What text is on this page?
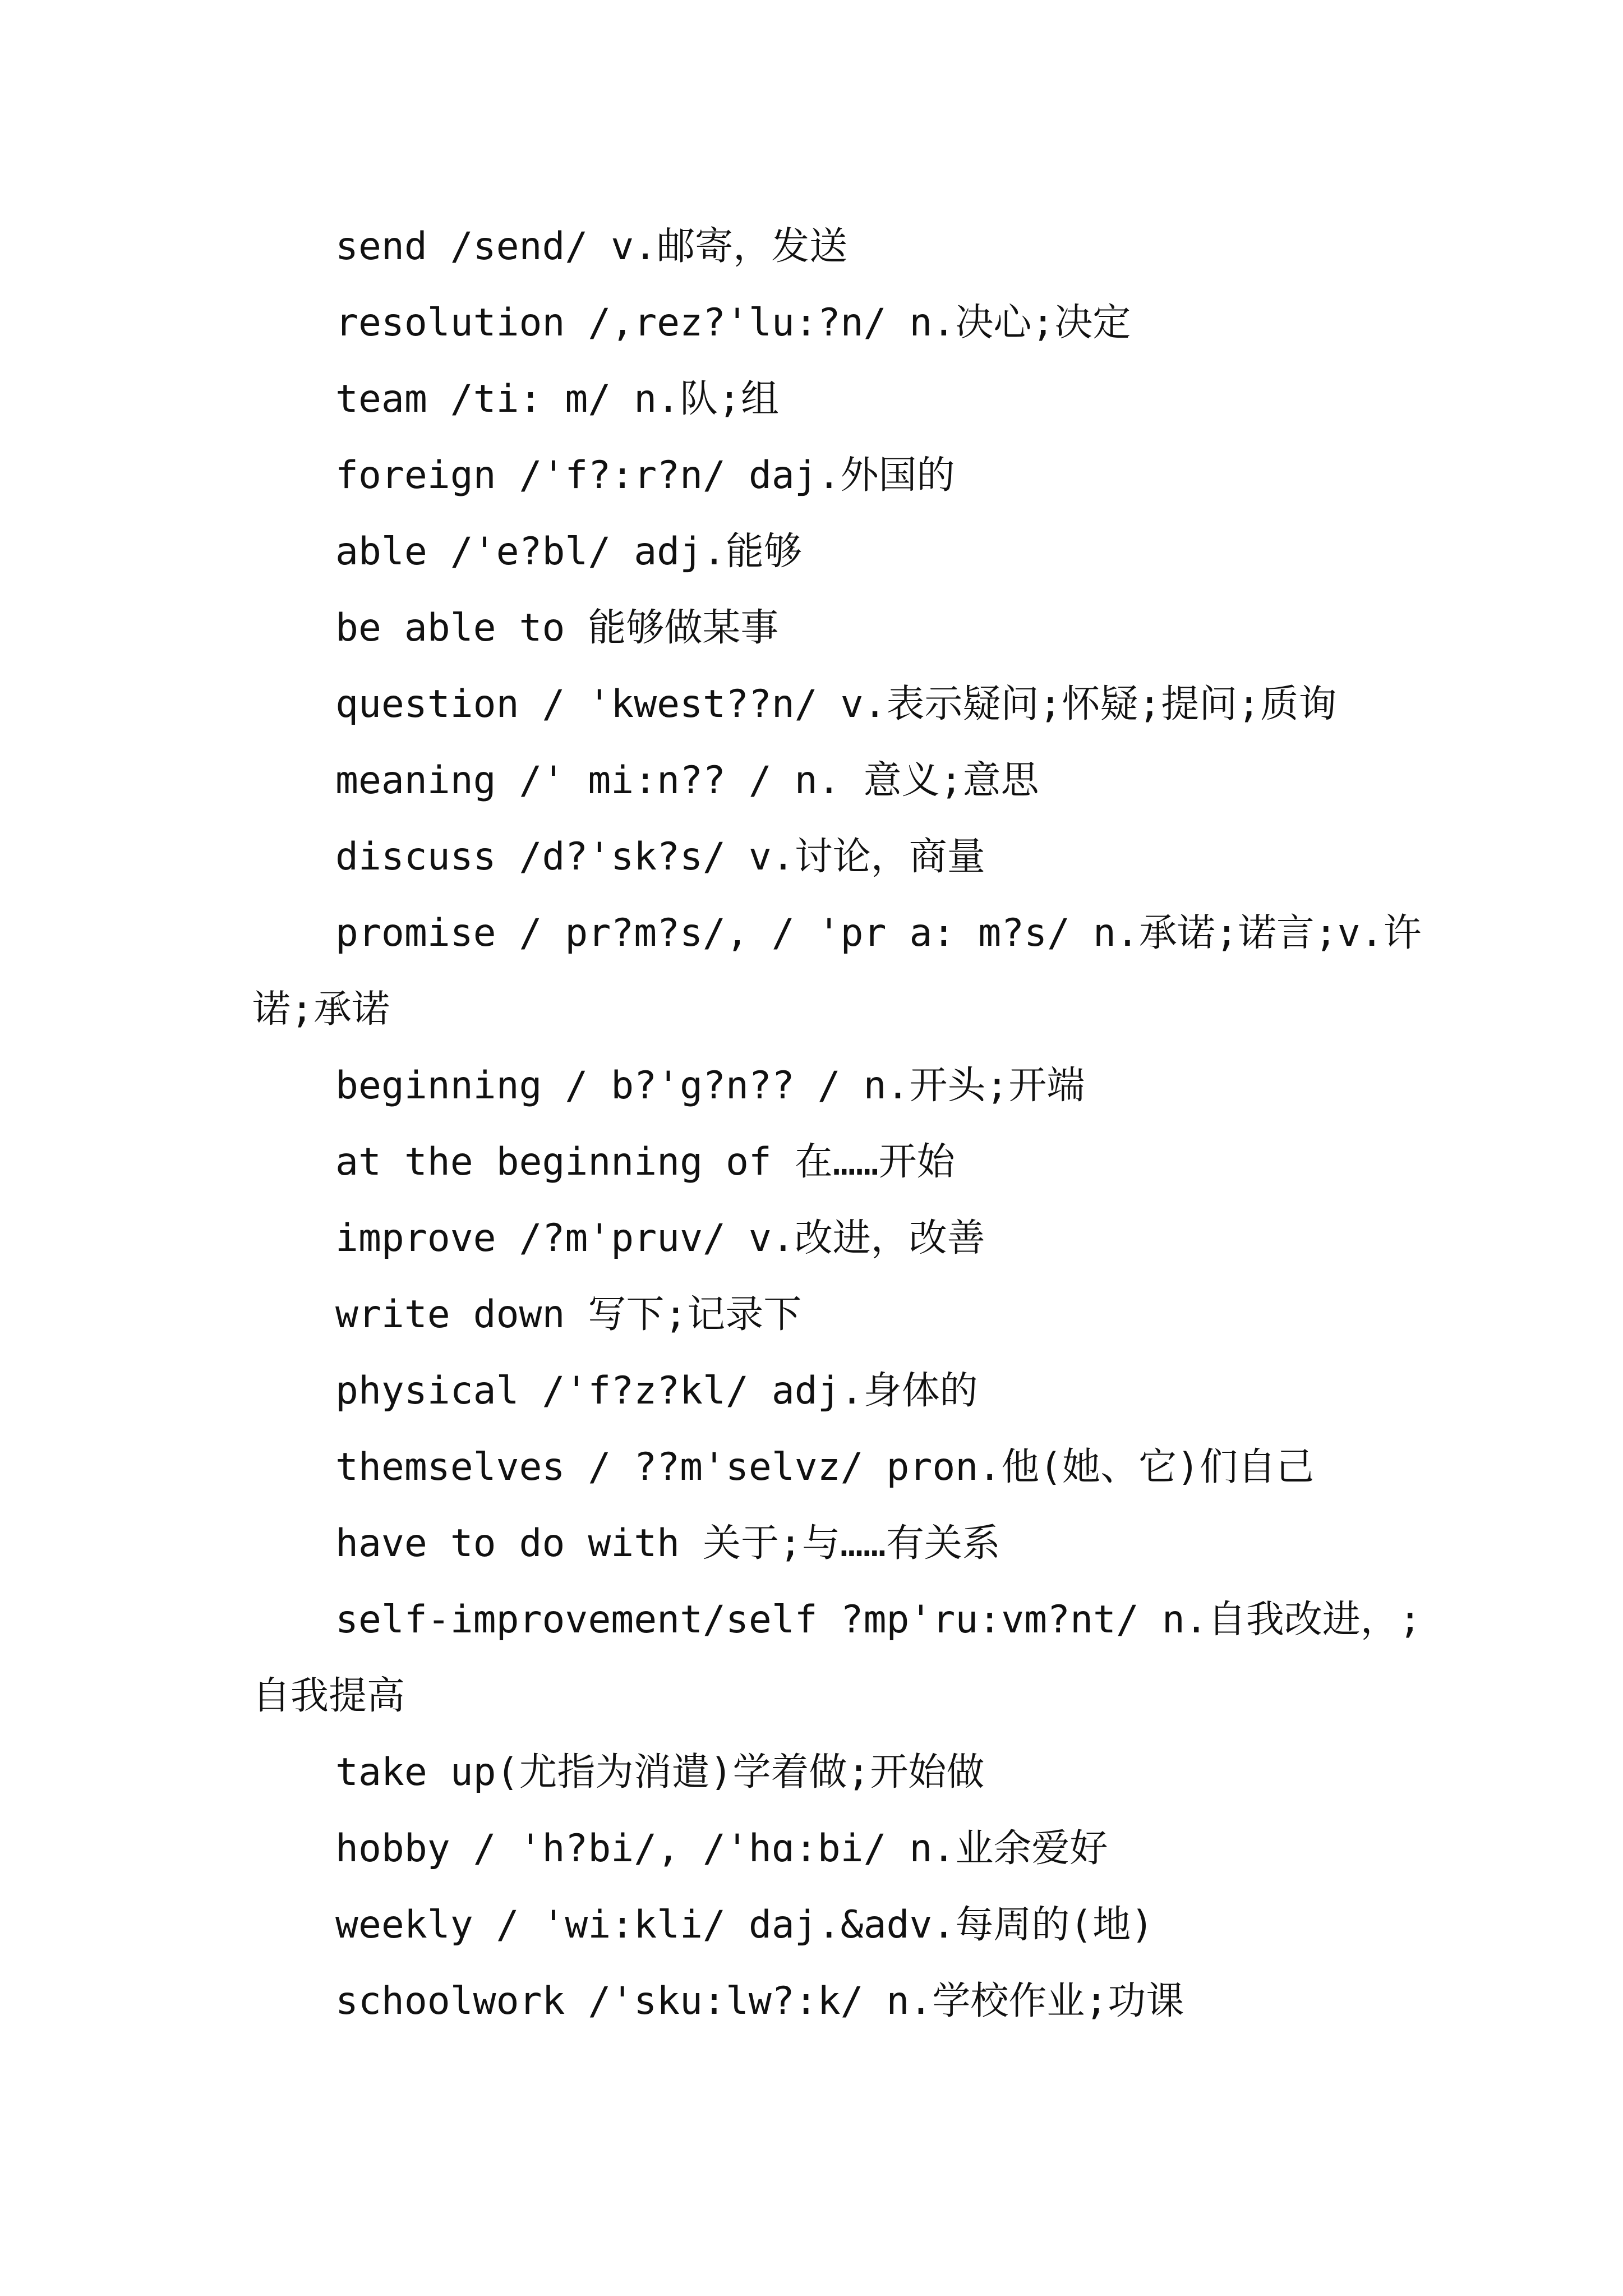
send /send/ v.邮寄，发送
resolution /,rez?'lu:?n/ n.决心;决定
team /ti: m/ n.队;组
foreign /'f?:r?n/ daj.外国的
able /'e?bl/ adj.能够
be able to 能够做某事
question / 'kwest??n/ v.表示疑问;怀疑;提问;质询
meaning /' mi:n?? / n. 意义;意思
discuss /d?'sk?s/ v.讨论，商量
promise / pr?m?s/, / 'pr a: m?s/ n.承诺;诺言;v.许诺;承诺
beginning / b?'g?n?? / n.开头;开端
at the beginning of 在……开始
improve /?m'pruv/ v.改进，改善
write down 写下;记录下
physical /'f?z?kl/ adj.身体的
themselves / ??m'selvz/ pron.他(她、它)们自己
have to do with 关于;与……有关系
self-improvement/self ?mp'ru:vm?nt/ n.自我改进，;自我提高
take up(尤指为消遣)学着做;开始做
hobby / 'h?bi/, /'hɑ:bi/ n.业余爱好
weekly / 'wi:kli/ daj.&adv.每周的(地)
schoolwork /'sku:lw?:k/ n.学校作业;功课
